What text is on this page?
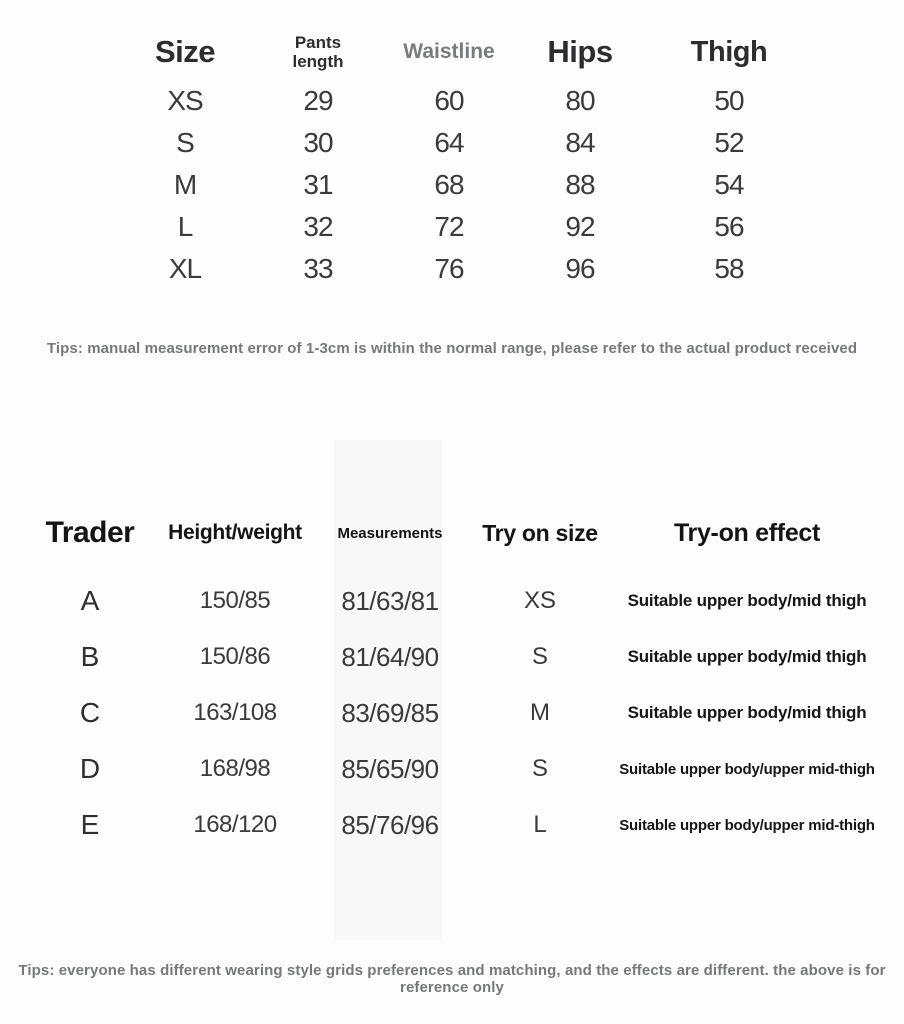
Size	Pants length	Waistline	Hips	Thigh
XS	29	60	80	50
S	30	64	84	52
M	31	68	88	54
L	32	72	92	56
XL	33	76	96	58
Tips: manual measurement error of 1-3cm is within the normal range, please refer to the actual product received
Trader	Height/weight	Measurements	Try on size	Try-on effect
A	150/85	81/63/81	XS	Suitable upper body/mid thigh
B	150/86	81/64/90	S	Suitable upper body/mid thigh
C	163/108	83/69/85	M	Suitable upper body/mid thigh
D	168/98	85/65/90	S	Suitable upper body/upper mid-thigh
E	168/120	85/76/96	L	Suitable upper body/upper mid-thigh
Tips: everyone has different wearing style grids preferences and matching, and the effects are different. the above is for reference only
